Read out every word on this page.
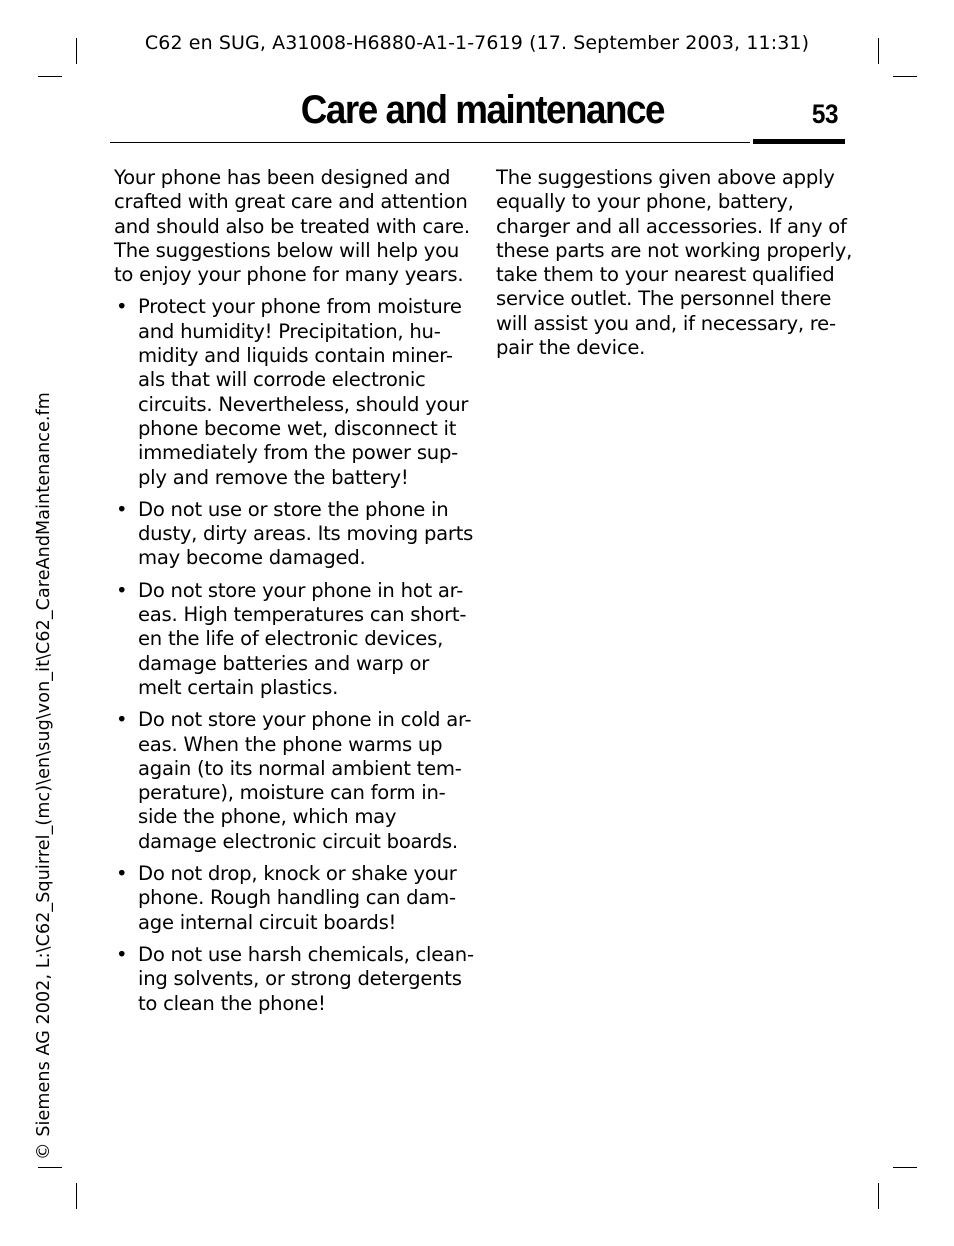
C62 en SUG, A31008-H6880-A1-1-7619 (17. September 2003, 11:31)
Care and maintenance	53
Your phone has been designed and
crafted with great care and attention
and should also be treated with care.
The suggestions below will help you
to enjoy your phone for many years.
• Protect your phone from moisture
and humidity! Precipitation, hu-
midity and liquids contain miner-
als that will corrode electronic
circuits. Nevertheless, should your
phone become wet, disconnect it
immediately from the power sup-
ply and remove the battery!
• Do not use or store the phone in
dusty, dirty areas. Its moving parts
may become damaged.
• Do not store your phone in hot ar-
eas. High temperatures can short-
en the life of electronic devices,
damage batteries and warp or
melt certain plastics.
• Do not store your phone in cold ar-
eas. When the phone warms up
again (to its normal ambient tem-
perature), moisture can form in-
side the phone, which may
damage electronic circuit boards.
• Do not drop, knock or shake your
phone. Rough handling can dam-
age internal circuit boards!
• Do not use harsh chemicals, clean-
ing solvents, or strong detergents
to clean the phone!
The suggestions given above apply
equally to your phone, battery,
charger and all accessories. If any of
these parts are not working properly,
take them to your nearest qualified
service outlet. The personnel there
will assist you and, if necessary, re-
pair the device.
© Siemens AG 2002, L:\C62_Squirrel_(mc)\en\sug\von_it\C62_CareAndMaintenance.fm
